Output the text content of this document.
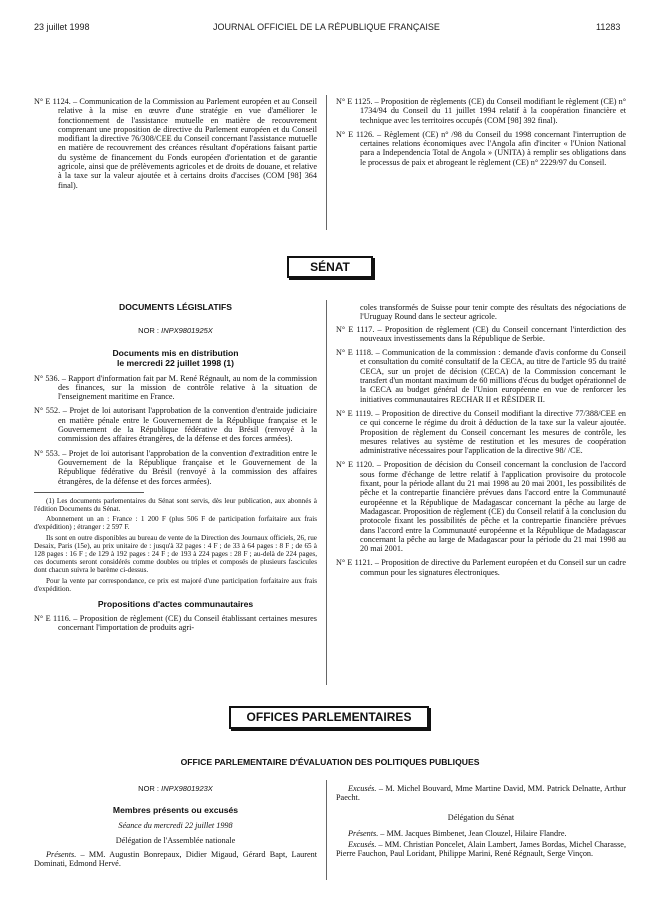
23 juillet 1998	JOURNAL OFFICIEL DE LA RÉPUBLIQUE FRANÇAISE	11283

N° E 1124. – Communication de la Commission au Parlement européen et au Conseil relative à la mise en œuvre d'une stratégie en vue d'améliorer le fonctionnement de l'assistance mutuelle en matière de recouvrement comprenant une proposition de directive du Parlement européen et du Conseil modifiant la directive 76/308/CEE du Conseil concernant l'assistance mutuelle en matière de recouvrement des créances résultant d'opérations faisant partie du système de financement du Fonds européen d'orientation et de garantie agricole, ainsi que de prélèvements agricoles et de droits de douane, et relative à la taxe sur la valeur ajoutée et à certains droits d'accises (COM [98] 364 final).

N° E 1125. – Proposition de règlements (CE) du Conseil modifiant le règlement (CE) n° 1734/94 du Conseil du 11 juillet 1994 relatif à la coopération financière et technique avec les territoires occupés (COM [98] 392 final).

N° E 1126. – Règlement (CE) n° /98 du Conseil du 1998 concernant l'interruption de certaines relations économiques avec l'Angola afin d'inciter « l'Union National para a Independencia Total de Angola » (UNITA) à remplir ses obligations dans le processus de paix et abrogeant le règlement (CE) n° 2229/97 du Conseil.

SÉNAT
DOCUMENTS LÉGISLATIFS
NOR : INPX9801925X
Documents mis en distribution
le mercredi 22 juillet 1998 (1)

N° 536. – Rapport d'information fait par M. René Régnault, au nom de la commission des finances, sur la mission de contrôle relative à la situation de l'enseignement maritime en France.

N° 552. – Projet de loi autorisant l'approbation de la convention d'entraide judiciaire en matière pénale entre le Gouvernement de la République française et le Gouvernement de la République fédérative du Brésil (renvoyé à la commission des affaires étrangères, de la défense et des forces armées).

N° 553. – Projet de loi autorisant l'approbation de la convention d'extradition entre le Gouvernement de la République française et le Gouvernement de la République fédérative du Brésil (renvoyé à la commission des affaires étrangères, de la défense et des forces armées).

(1) Les documents parlementaires du Sénat sont servis, dès leur publication, aux abonnés à l'édition Documents du Sénat.

Abonnement un an : France : 1 200 F (plus 506 F de participation forfaitaire aux frais d'expédition) ; étranger : 2 597 F.

Ils sont en outre disponibles au bureau de vente de la Direction des Journaux officiels, 26, rue Desaix, Paris (15e), au prix unitaire de : jusqu'à 32 pages : 4 F ; de 33 à 64 pages : 8 F ; de 65 à 128 pages : 16 F ; de 129 à 192 pages : 24 F ; de 193 à 224 pages : 28 F ; au-delà de 224 pages, ces documents seront considérés comme doubles ou triples et composés de plusieurs fascicules dont chacun suivra le barème ci-dessus.

Pour la vente par correspondance, ce prix est majoré d'une participation forfaitaire aux frais d'expédition.

Propositions d'actes communautaires

N° E 1116. – Proposition de règlement (CE) du Conseil établissant certaines mesures concernant l'importation de produits agri-

coles transformés de Suisse pour tenir compte des résultats des négociations de l'Uruguay Round dans le secteur agricole.

N° E 1117. – Proposition de règlement (CE) du Conseil concernant l'interdiction des nouveaux investissements dans la République de Serbie.

N° E 1118. – Communication de la commission : demande d'avis conforme du Conseil et consultation du comité consultatif de la CECA, au titre de l'article 95 du traité CECA, sur un projet de décision (CECA) de la Commission concernant le transfert d'un montant maximum de 60 millions d'écus du budget opérationnel de la CECA au budget général de l'Union européenne en vue de renforcer les initiatives communautaires RECHAR II et RÉSIDER II.

N° E 1119. – Proposition de directive du Conseil modifiant la directive 77/388/CEE en ce qui concerne le régime du droit à déduction de la taxe sur la valeur ajoutée. Proposition de règlement du Conseil concernant les mesures de contrôle, les mesures relatives au système de restitution et les mesures de coopération administrative nécessaires pour l'application de la directive 98/ /CE.

N° E 1120. – Proposition de décision du Conseil concernant la conclusion de l'accord sous forme d'échange de lettre relatif à l'application provisoire du protocole fixant, pour la période allant du 21 mai 1998 au 20 mai 2001, les possibilités de pêche et la contrepartie financière prévues dans l'accord entre la Communauté européenne et la République de Madagascar concernant la pêche au large de Madagascar. Proposition de règlement (CE) du Conseil relatif à la conclusion du protocole fixant les possibilités de pêche et la contrepartie financière prévues dans l'accord entre la Communauté européenne et la République de Madagascar concernant la pêche au large de Madagascar pour la période du 21 mai 1998 au 20 mai 2001.

N° E 1121. – Proposition de directive du Parlement européen et du Conseil sur un cadre commun pour les signatures électroniques.

OFFICES PARLEMENTAIRES
OFFICE PARLEMENTAIRE D'ÉVALUATION DES POLITIQUES PUBLIQUES
NOR : INPX9801923X
Membres présents ou excusés
Séance du mercredi 22 juillet 1998
Délégation de l'Assemblée nationale

Présents. – MM. Augustin Bonrepaux, Didier Migaud, Gérard Bapt, Laurent Dominati, Edmond Hervé.

Excusés. – M. Michel Bouvard, Mme Martine David, MM. Patrick Delnatte, Arthur Paecht.

Délégation du Sénat

Présents. – MM. Jacques Bimbenet, Jean Clouzel, Hilaire Flandre.

Excusés. – MM. Christian Poncelet, Alain Lambert, James Bordas, Michel Charasse, Pierre Fauchon, Paul Loridant, Philippe Marini, René Régnault, Serge Vinçon.
